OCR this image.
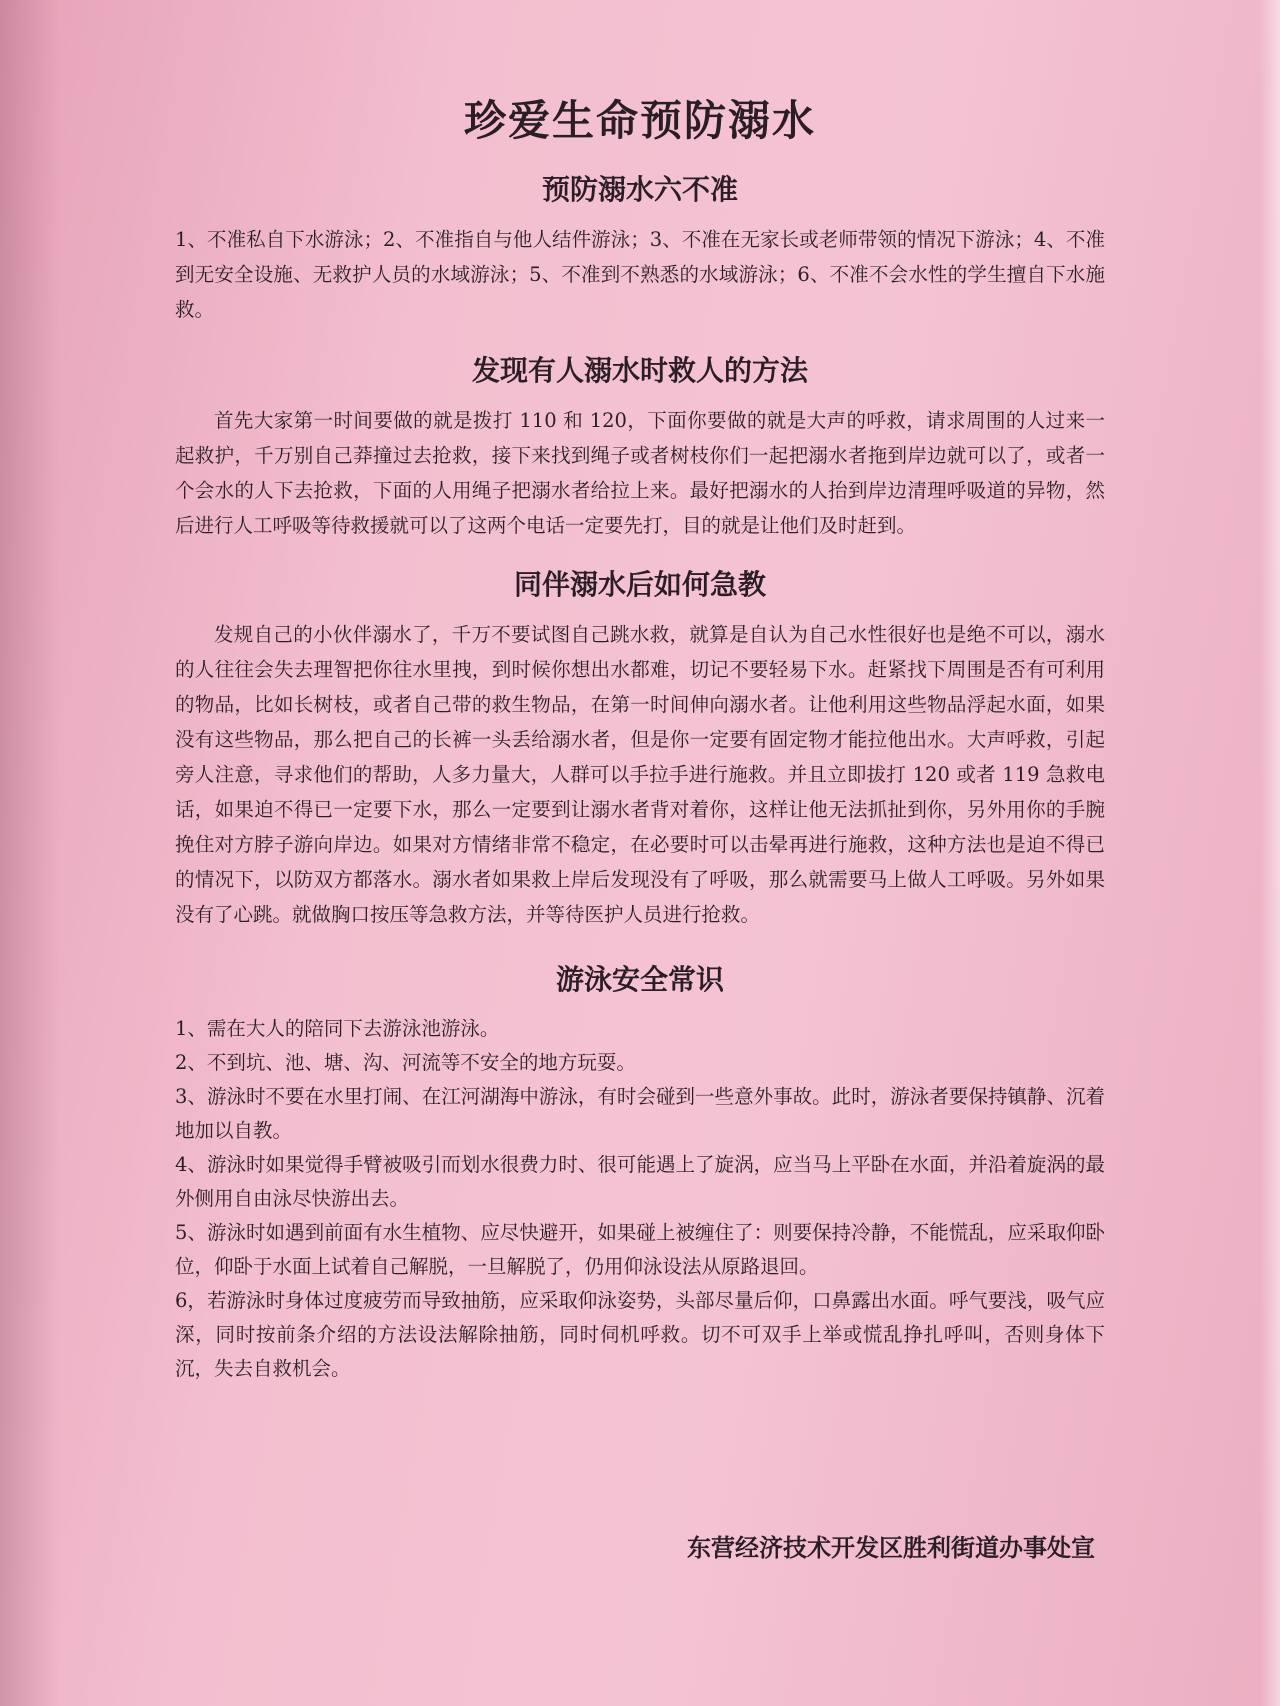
珍爱生命预防溺水
预防溺水六不准

1、不准私自下水游泳；2、不准指自与他人结件游泳；3、不准在无家长或老师带领的情况下游泳；4、不准到无安全设施、无救护人员的水域游泳；5、不准到不熟悉的水域游泳；6、不准不会水性的学生擅自下水施救。

发现有人溺水时救人的方法

首先大家第一时间要做的就是拨打 110 和 120，下面你要做的就是大声的呼救，请求周围的人过来一起救护，千万别自己莽撞过去抢救，接下来找到绳子或者树枝你们一起把溺水者拖到岸边就可以了，或者一个会水的人下去抢救，下面的人用绳子把溺水者给拉上来。最好把溺水的人抬到岸边清理呼吸道的异物，然后进行人工呼吸等待救援就可以了这两个电话一定要先打，目的就是让他们及时赶到。

同伴溺水后如何急教

发规自己的小伙伴溺水了，千万不要试图自己跳水救，就算是自认为自己水性很好也是绝不可以，溺水的人往往会失去理智把你往水里拽，到时候你想出水都难，切记不要轻易下水。赶紧找下周围是否有可利用的物品，比如长树枝，或者自己带的救生物品，在第一时间伸向溺水者。让他利用这些物品浮起水面，如果没有这些物品，那么把自己的长裤一头丢给溺水者，但是你一定要有固定物才能拉他出水。大声呼救，引起旁人注意，寻求他们的帮助，人多力量大，人群可以手拉手进行施救。并且立即拔打 120 或者 119 急救电话，如果迫不得已一定要下水，那么一定要到让溺水者背对着你，这样让他无法抓扯到你，另外用你的手腕挽住对方脖子游向岸边。如果对方情绪非常不稳定，在必要时可以击晕再进行施救，这种方法也是迫不得已的情况下，以防双方都落水。溺水者如果救上岸后发现没有了呼吸，那么就需要马上做人工呼吸。另外如果没有了心跳。就做胸口按压等急救方法，并等待医护人员进行抢救。

游泳安全常识

1、需在大人的陪同下去游泳池游泳。

2、不到坑、池、塘、沟、河流等不安全的地方玩耍。

3、游泳时不要在水里打闹、在江河湖海中游泳，有时会碰到一些意外事故。此时，游泳者要保持镇静、沉着地加以自教。

4、游泳时如果觉得手臂被吸引而划水很费力时、很可能遇上了旋涡，应当马上平卧在水面，并沿着旋涡的最外侧用自由泳尽快游出去。

5、游泳时如遇到前面有水生植物、应尽快避开，如果碰上被缠住了：则要保持冷静，不能慌乱，应采取仰卧位，仰卧于水面上试着自己解脱，一旦解脱了，仍用仰泳设法从原路退回。

6，若游泳时身体过度疲劳而导致抽筋，应采取仰泳姿势，头部尽量后仰，口鼻露出水面。呼气要浅，吸气应深，同时按前条介绍的方法设法解除抽筋，同时伺机呼救。切不可双手上举或慌乱挣扎呼叫，否则身体下沉，失去自救机会。

东营经济技术开发区胜利街道办事处宣
